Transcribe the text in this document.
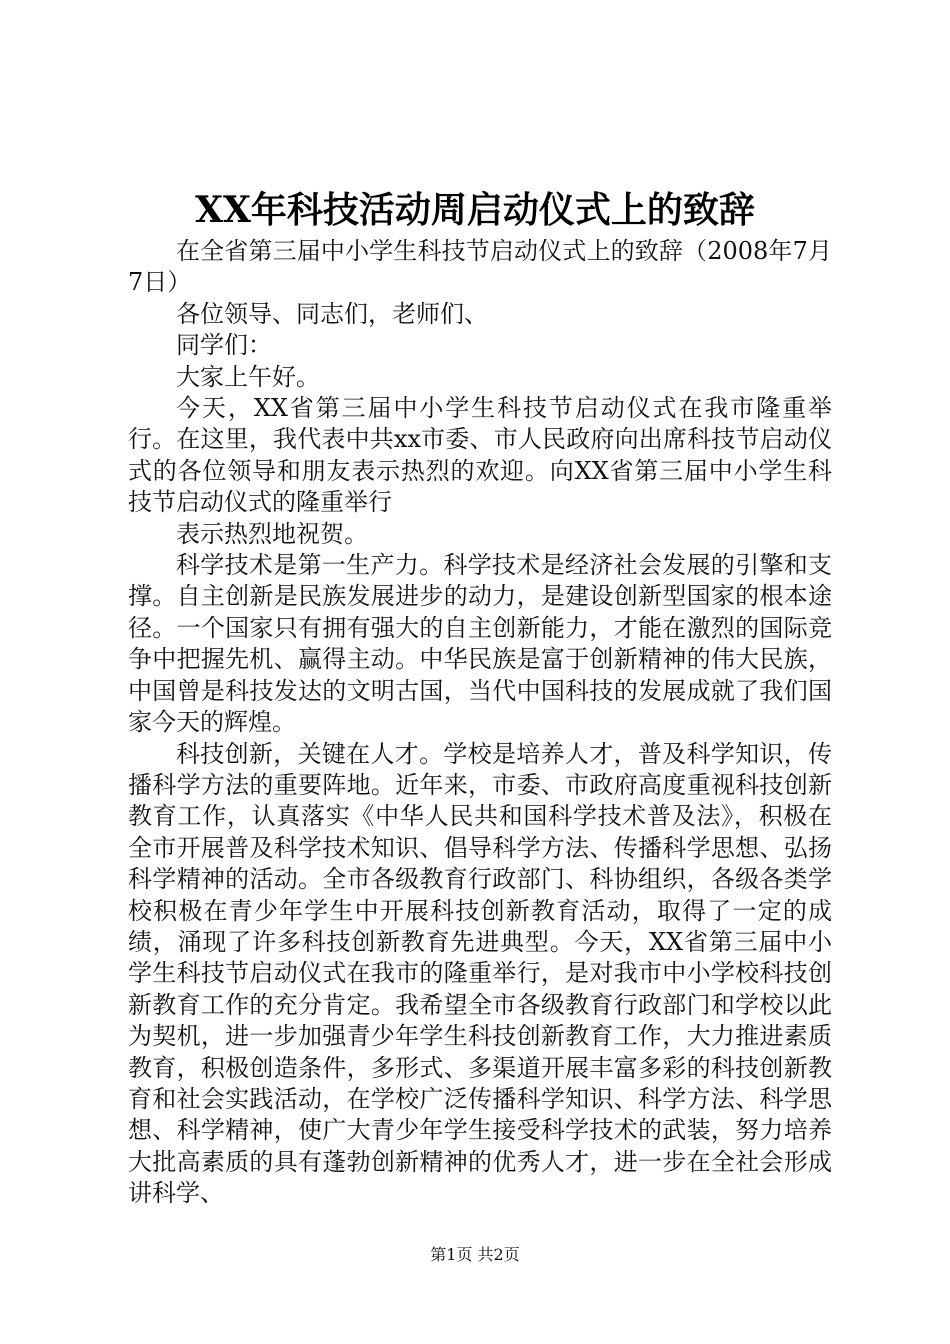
XX年科技活动周启动仪式上的致辞

在全省第三届中小学生科技节启动仪式上的致辞（2008年7月7日）

各位领导、同志们，老师们、

同学们：

大家上午好。

今天，XX省第三届中小学生科技节启动仪式在我市隆重举行。在这里，我代表中共xx市委、市人民政府向出席科技节启动仪式的各位领导和朋友表示热烈的欢迎。向XX省第三届中小学生科技节启动仪式的隆重举行

表示热烈地祝贺。

科学技术是第一生产力。科学技术是经济社会发展的引擎和支撑。自主创新是民族发展进步的动力，是建设创新型国家的根本途径。一个国家只有拥有强大的自主创新能力，才能在激烈的国际竞争中把握先机、赢得主动。中华民族是富于创新精神的伟大民族，中国曾是科技发达的文明古国，当代中国科技的发展成就了我们国家今天的辉煌。

科技创新，关键在人才。学校是培养人才，普及科学知识，传播科学方法的重要阵地。近年来，市委、市政府高度重视科技创新教育工作，认真落实《中华人民共和国科学技术普及法》，积极在全市开展普及科学技术知识、倡导科学方法、传播科学思想、弘扬科学精神的活动。全市各级教育行政部门、科协组织，各级各类学校积极在青少年学生中开展科技创新教育活动，取得了一定的成绩，涌现了许多科技创新教育先进典型。今天，XX省第三届中小学生科技节启动仪式在我市的隆重举行，是对我市中小学校科技创新教育工作的充分肯定。我希望全市各级教育行政部门和学校以此为契机，进一步加强青少年学生科技创新教育工作，大力推进素质教育，积极创造条件，多形式、多渠道开展丰富多彩的科技创新教育和社会实践活动，在学校广泛传播科学知识、科学方法、科学思想、科学精神，使广大青少年学生接受科学技术的武装，努力培养大批高素质的具有蓬勃创新精神的优秀人才，进一步在全社会形成讲科学、

第1页 共2页
